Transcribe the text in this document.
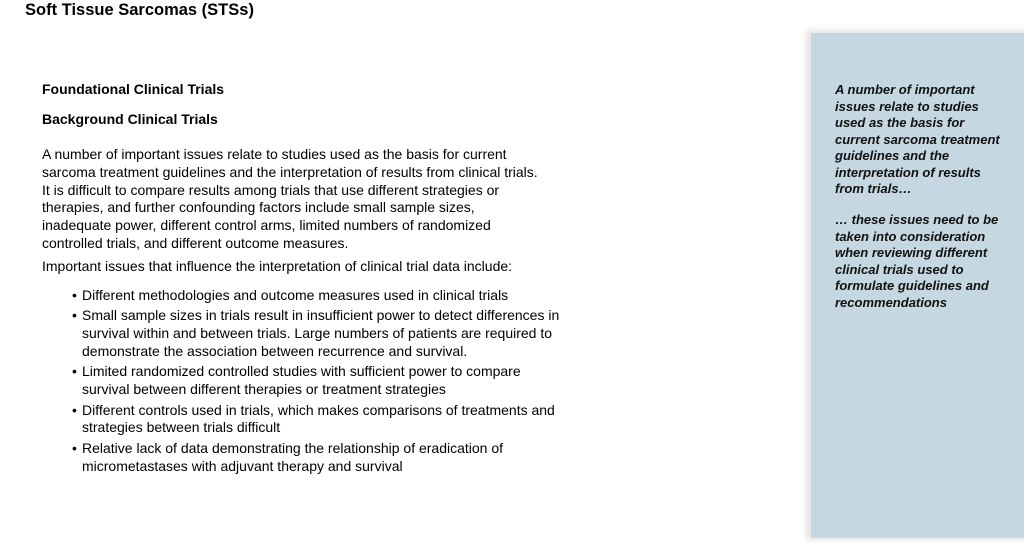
Soft Tissue Sarcomas (STSs)
Foundational Clinical Trials
Background Clinical Trials

A number of important issues relate to studies used as the basis for current sarcoma treatment guidelines and the interpretation of results from clinical trials. It is difficult to compare results among trials that use different strategies or therapies, and further confounding factors include small sample sizes, inadequate power, different control arms, limited numbers of randomized controlled trials, and different outcome measures.

Important issues that influence the interpretation of clinical trial data include:

• Different methodologies and outcome measures used in clinical trials
• Small sample sizes in trials result in insufficient power to detect differences in survival within and between trials. Large numbers of patients are required to demonstrate the association between recurrence and survival.
• Limited randomized controlled studies with sufficient power to compare survival between different therapies or treatment strategies
• Different controls used in trials, which makes comparisons of treatments and strategies between trials difficult
• Relative lack of data demonstrating the relationship of eradication of micrometastases with adjuvant therapy and survival

A number of important issues relate to studies used as the basis for current sarcoma treatment guidelines and the interpretation of results from trials…

… these issues need to be taken into consideration when reviewing different clinical trials used to formulate guidelines and recommendations
